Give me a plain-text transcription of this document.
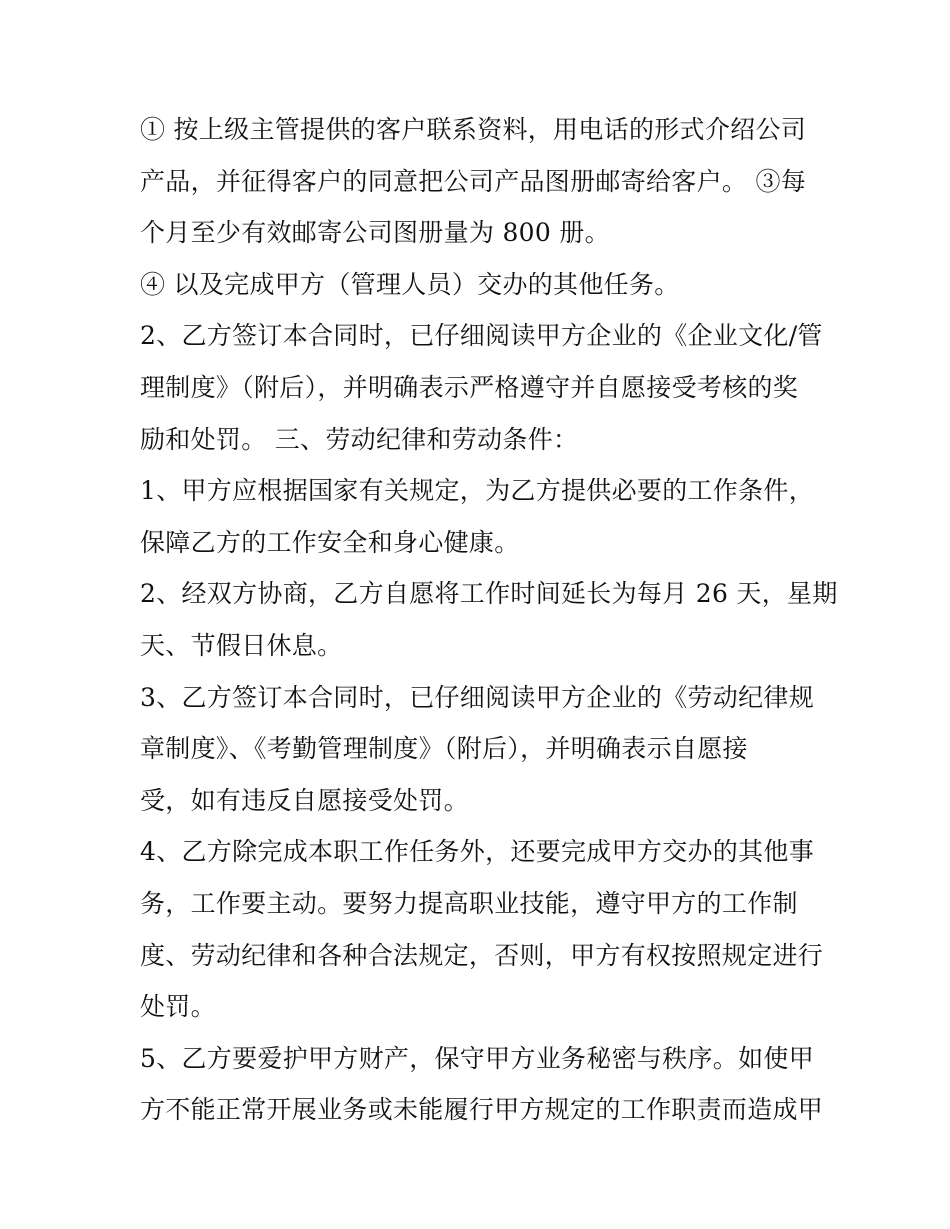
① 按上级主管提供的客户联系资料，用电话的形式介绍公司
产品，并征得客户的同意把公司产品图册邮寄给客户。 ③每
个月至少有效邮寄公司图册量为 800 册。
④ 以及完成甲方（管理人员）交办的其他任务。
2、乙方签订本合同时，已仔细阅读甲方企业的《企业文化/管
理制度》（附后），并明确表示严格遵守并自愿接受考核的奖
励和处罚。 三、劳动纪律和劳动条件：
1、甲方应根据国家有关规定，为乙方提供必要的工作条件，
保障乙方的工作安全和身心健康。
2、经双方协商，乙方自愿将工作时间延长为每月 26 天，星期
天、节假日休息。
3、乙方签订本合同时，已仔细阅读甲方企业的《劳动纪律规
章制度》、《考勤管理制度》（附后），并明确表示自愿接
受，如有违反自愿接受处罚。
4、乙方除完成本职工作任务外，还要完成甲方交办的其他事
务，工作要主动。要努力提高职业技能，遵守甲方的工作制
度、劳动纪律和各种合法规定，否则，甲方有权按照规定进行
处罚。
5、乙方要爱护甲方财产，保守甲方业务秘密与秩序。如使甲
方不能正常开展业务或未能履行甲方规定的工作职责而造成甲
